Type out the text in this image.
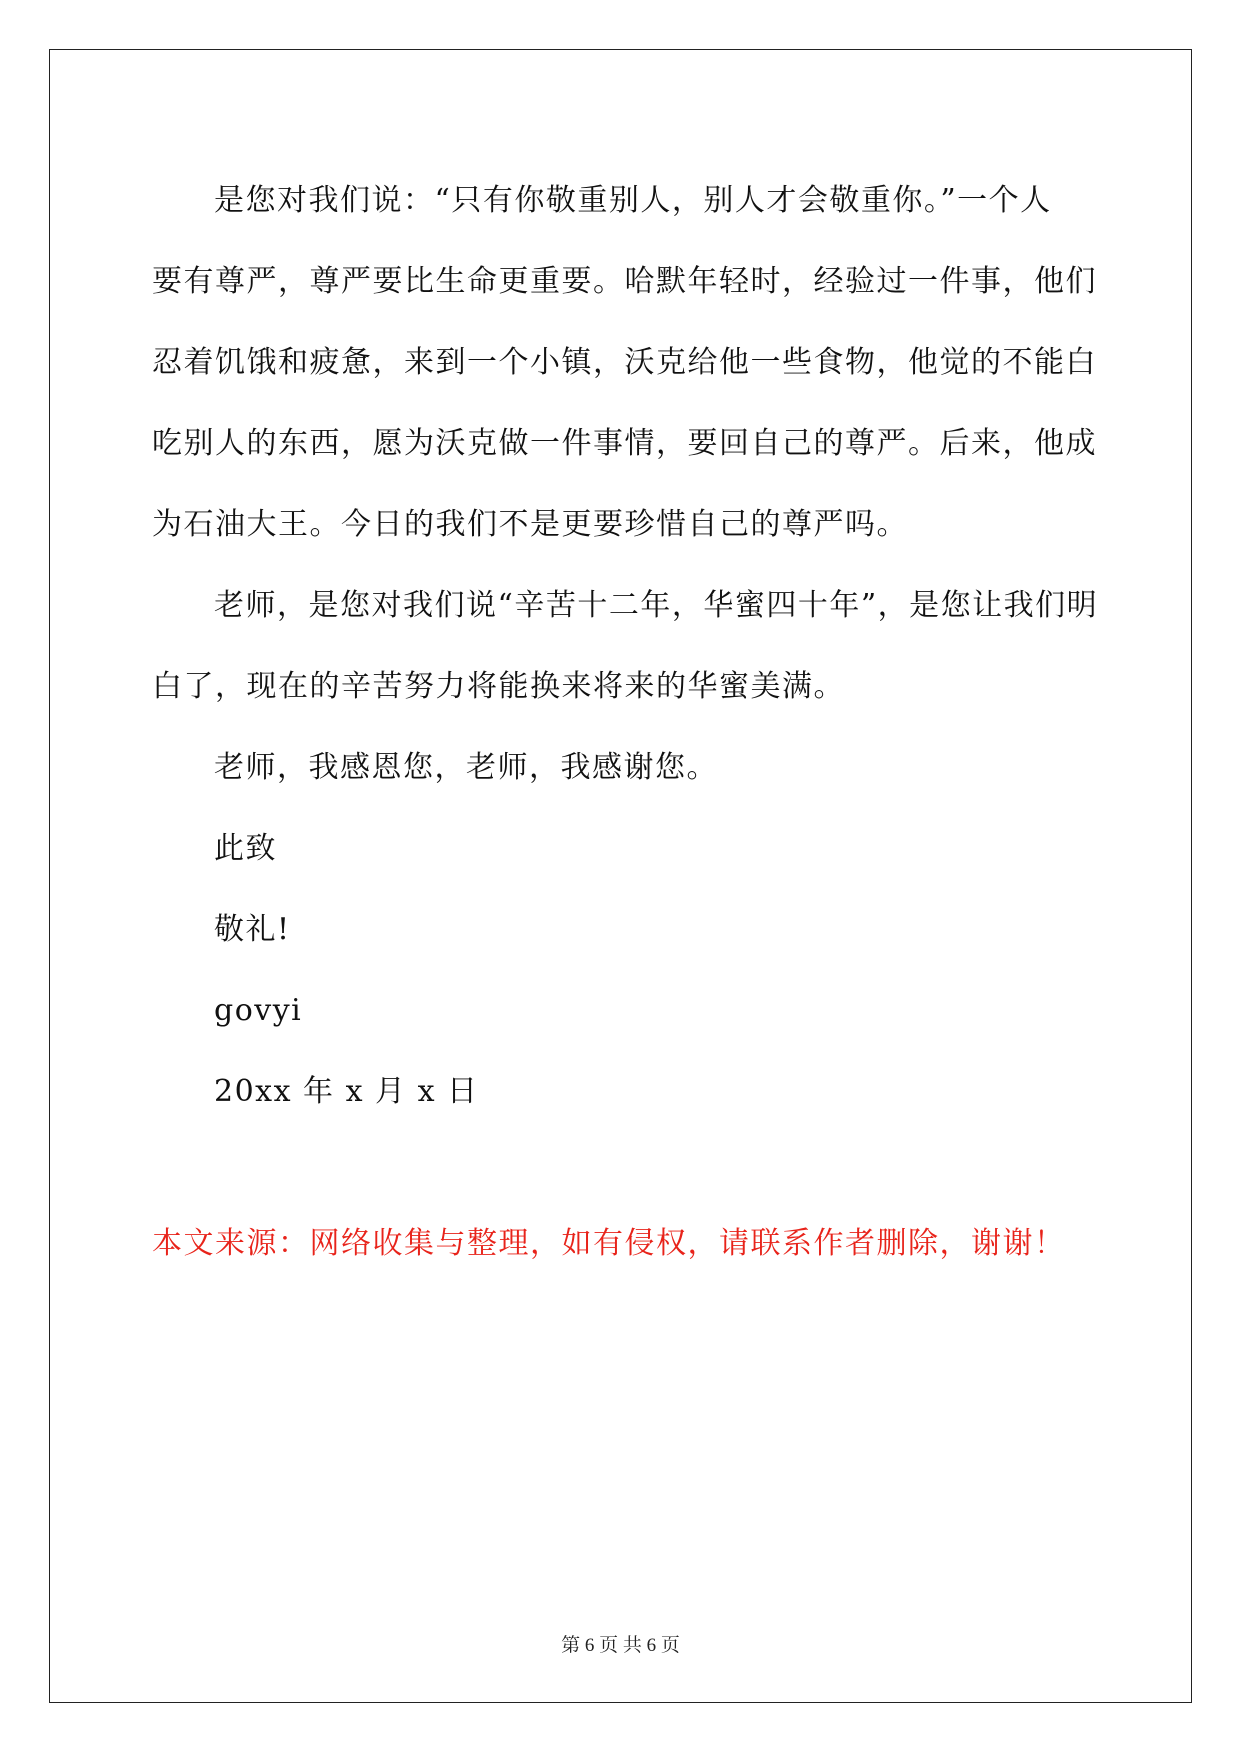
是您对我们说：“只有你敬重别人，别人才会敬重你。”一个人
要有尊严，尊严要比生命更重要。哈默年轻时，经验过一件事，他们
忍着饥饿和疲惫，来到一个小镇，沃克给他一些食物，他觉的不能白
吃别人的东西，愿为沃克做一件事情，要回自己的尊严。后来，他成
为石油大王。今日的我们不是更要珍惜自己的尊严吗。

老师，是您对我们说“辛苦十二年，华蜜四十年”，是您让我们明
白了，现在的辛苦努力将能换来将来的华蜜美满。

老师，我感恩您，老师，我感谢您。

此致

敬礼!

govyi

20xx 年 x 月 x 日

本文来源：网络收集与整理，如有侵权，请联系作者删除，谢谢！
第 6 页 共 6 页
